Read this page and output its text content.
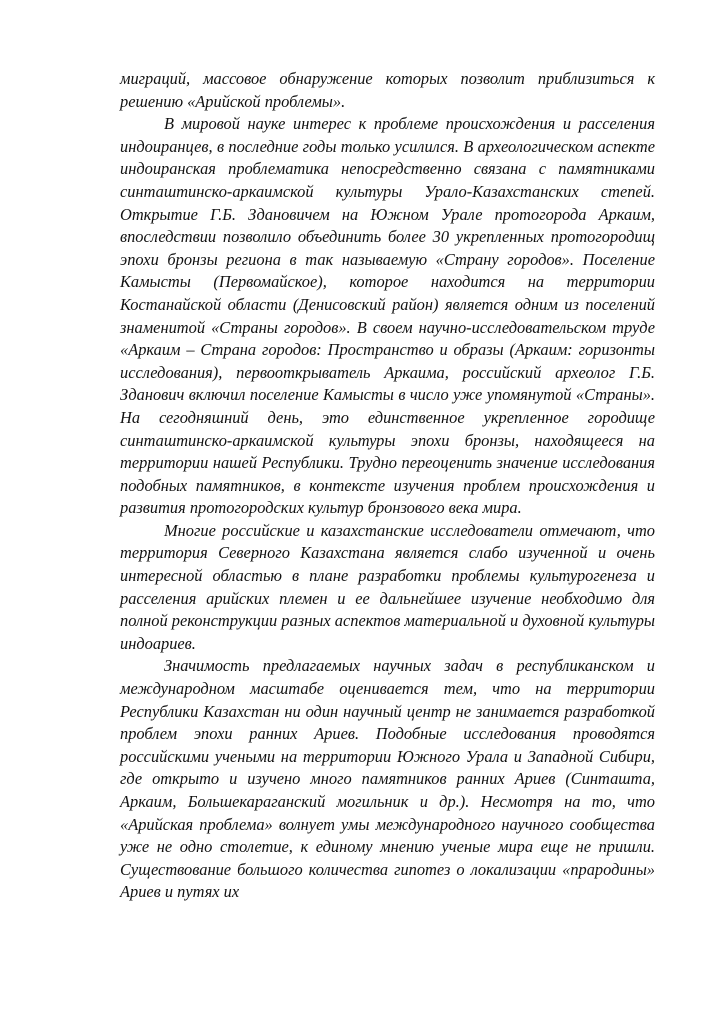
миграций, массовое обнаружение которых позволит приблизиться к решению «Арийской проблемы».

В мировой науке интерес к проблеме происхождения и расселения индоиранцев, в последние годы только усилился. В археологическом аспекте индоиранская проблематика непосредственно связана с памятниками синташтинско-аркаимской культуры Урало-Казахстанских степей. Открытие Г.Б. Здановичем на Южном Урале протогорода Аркаим, впоследствии позволило объединить более 30 укрепленных протогородищ эпохи бронзы региона в так называемую «Страну городов». Поселение Камысты (Первомайское), которое находится на территории Костанайской области (Денисовский район) является одним из поселений знаменитой «Страны городов». В своем научно-исследовательском труде «Аркаим – Страна городов: Пространство и образы (Аркаим: горизонты исследования), первооткрыватель Аркаима, российский археолог Г.Б. Зданович включил поселение Камысты в число уже упомянутой «Страны». На сегодняшний день, это единственное укрепленное городище синташтинско-аркаимской культуры эпохи бронзы, находящееся на территории нашей Республики. Трудно переоценить значение исследования подобных памятников, в контексте изучения проблем происхождения и развития протогородских культур бронзового века мира.

Многие российские и казахстанские исследователи отмечают, что территория Северного Казахстана является слабо изученной и очень интересной областью в плане разработки проблемы культурогенеза и расселения арийских племен и ее дальнейшее изучение необходимо для полной реконструкции разных аспектов материальной и духовной культуры индоариев.

Значимость предлагаемых научных задач в республиканском и международном масштабе оценивается тем, что на территории Республики Казахстан ни один научный центр не занимается разработкой проблем эпохи ранних Ариев. Подобные исследования проводятся российскими учеными на территории Южного Урала и Западной Сибири, где открыто и изучено много памятников ранних Ариев (Синташта, Аркаим, Большекараганский могильник и др.). Несмотря на то, что «Арийская проблема» волнует умы международного научного сообщества уже не одно столетие, к единому мнению ученые мира еще не пришли. Существование большого количества гипотез о локализации «прародины» Ариев и путях их
